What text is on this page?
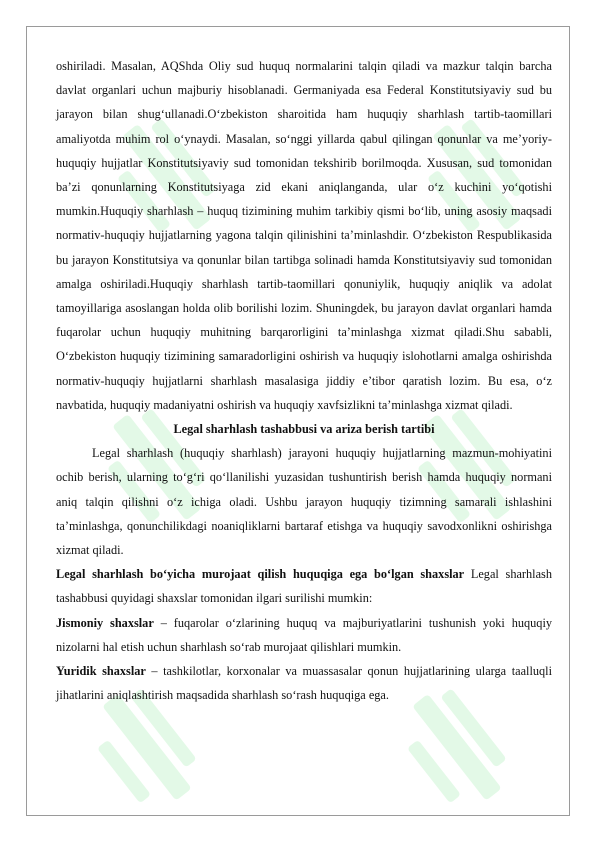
oshiriladi. Masalan, AQShda Oliy sud huquq normalarini talqin qiladi va mazkur talqin barcha davlat organlari uchun majburiy hisoblanadi. Germaniyada esa Federal Konstitutsiyaviy sud bu jarayon bilan shug‘ullanadi.O‘zbekiston sharoitida ham huquqiy sharhlash tartib-taomillari amaliyotda muhim rol o‘ynaydi. Masalan, so‘nggi yillarda qabul qilingan qonunlar va me’yoriy-huquqiy hujjatlar Konstitutsiyaviy sud tomonidan tekshirib borilmoqda. Xususan, sud tomonidan ba’zi qonunlarning Konstitutsiyaga zid ekani aniqlanganda, ular o‘z kuchini yo‘qotishi mumkin.Huquqiy sharhlash – huquq tizimining muhim tarkibiy qismi bo‘lib, uning asosiy maqsadi normativ-huquqiy hujjatlarning yagona talqin qilinishini ta’minlashdir. O‘zbekiston Respublikasida bu jarayon Konstitutsiya va qonunlar bilan tartibga solinadi hamda Konstitutsiyaviy sud tomonidan amalga oshiriladi.Huquqiy sharhlash tartib-taomillari qonuniylik, huquqiy aniqlik va adolat tamoyillariga asoslangan holda olib borilishi lozim. Shuningdek, bu jarayon davlat organlari hamda fuqarolar uchun huquqiy muhitning barqarorligini ta’minlashga xizmat qiladi.Shu sababli, O‘zbekiston huquqiy tizimining samaradorligini oshirish va huquqiy islohotlarni amalga oshirishda normativ-huquqiy hujjatlarni sharhlash masalasiga jiddiy e’tibor qaratish lozim. Bu esa, o‘z navbatida, huquqiy madaniyatni oshirish va huquqiy xavfsizlikni ta’minlashga xizmat qiladi.

Legal sharhlash tashabbusi va ariza berish tartibi

Legal sharhlash (huquqiy sharhlash) jarayoni huquqiy hujjatlarning mazmun-mohiyatini ochib berish, ularning to‘g‘ri qo‘llanilishi yuzasidan tushuntirish berish hamda huquqiy normani aniq talqin qilishni o‘z ichiga oladi. Ushbu jarayon huquqiy tizimning samarali ishlashini ta’minlashga, qonunchilikdagi noaniqliklarni bartaraf etishga va huquqiy savodxonlikni oshirishga xizmat qiladi.

Legal sharhlash bo‘yicha murojaat qilish huquqiga ega bo‘lgan shaxslar Legal sharhlash tashabbusi quyidagi shaxslar tomonidan ilgari surilishi mumkin:

Jismoniy shaxslar – fuqarolar o‘zlarining huquq va majburiyatlarini tushunish yoki huquqiy nizolarni hal etish uchun sharhlash so‘rab murojaat qilishlari mumkin.

Yuridik shaxslar – tashkilotlar, korxonalar va muassasalar qonun hujjatlarining ularga taalluqli jihatlarini aniqlashtirish maqsadida sharhlash so‘rash huquqiga ega.
